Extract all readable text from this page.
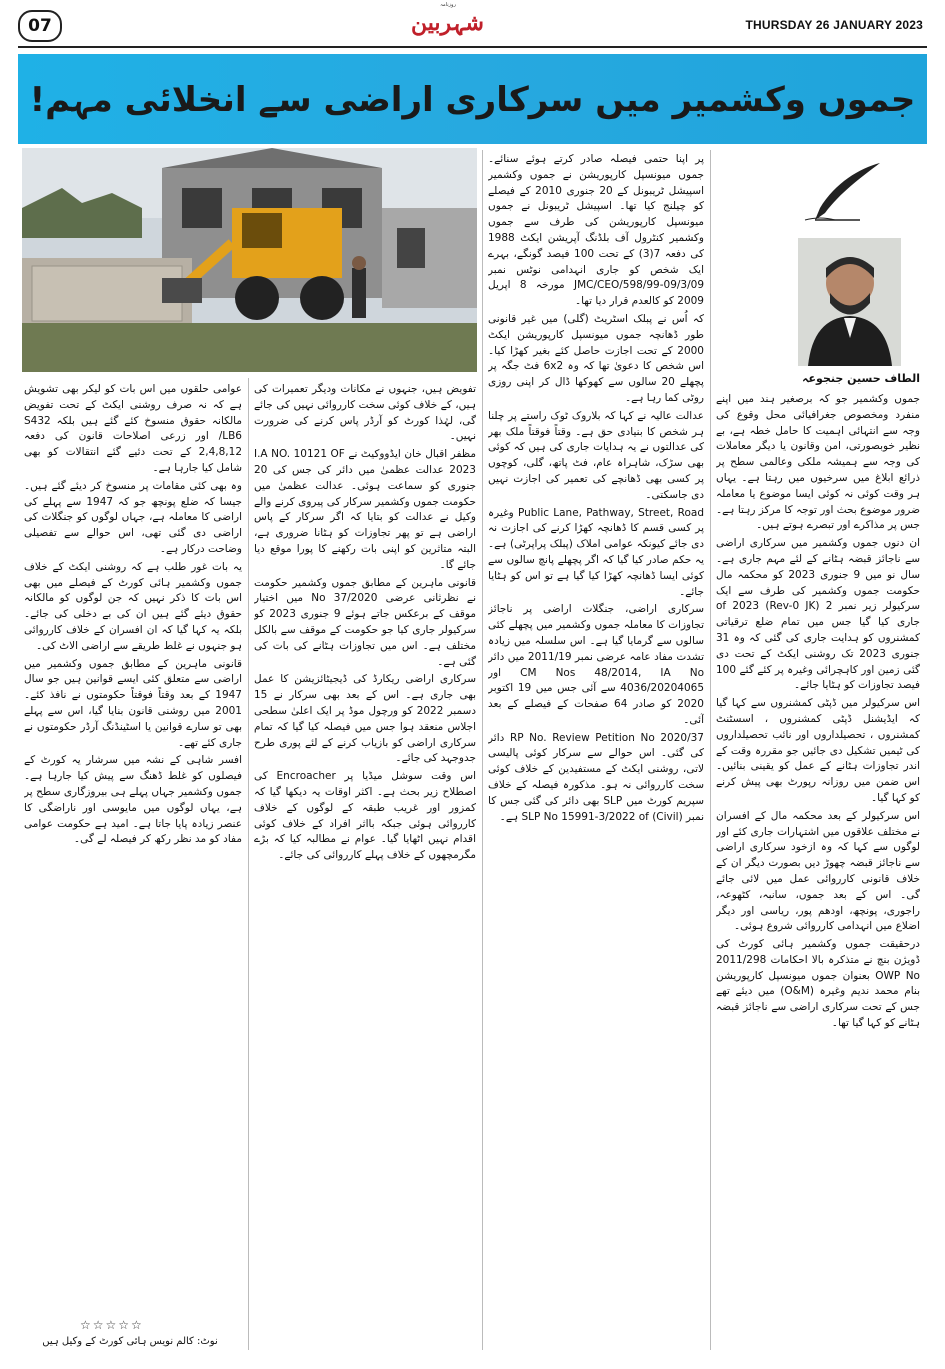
07
روزنامہ
شہربین	THURSDAY 26 JANUARY 2023
جموں وکشمیر میں سرکاری اراضی سے انخلائی مہم!
الطاف حسین جنجوعہ

جموں وکشمیر جو کہ برصغیر ہند میں اپنے منفرد ومخصوص جغرافیائی محل وقوع کی وجہ سے انتہائی اہمیت کا حامل خطہ ہے، بے نظیر خوبصورتی، امن وقانون یا دیگر معاملات کی وجہ سے ہمیشہ ملکی وعالمی سطح پر ذرائع ابلاغ میں سرخیوں میں رہتا ہے۔ یہاں ہر وقت کوئی نہ کوئی ایسا موضوع یا معاملہ ضرور موضوع بحث اور توجہ کا مرکز رہتا ہے۔ جس پر مذاکرے اور تبصرے ہوتے ہیں۔

ان دنوں جموں وکشمیر میں سرکاری اراضی سے ناجائز قبضہ ہٹانے کے لئے مہم جاری ہے۔ سال نو میں 9 جنوری 2023 کو محکمہ مال حکومت جموں وکشمیر کی طرف سے ایک سرکیولر زیر نمبر 2 (Rev-0 JK) of 2023 جاری کیا گیا جس میں تمام ضلع ترقیاتی کمشنروں کو ہدایت جاری کی گئی کہ وہ 31 جنوری 2023 تک روشنی ایکٹ کے تحت دی گئی زمین اور کاہچرائی وغیرہ پر کئے گئے 100 فیصد تجاوزات کو ہٹایا جائے۔

اس سرکیولر میں ڈپٹی کمشنروں سے کہا گیا کہ ایڈیشنل ڈپٹی کمشنروں ، اسسٹنٹ کمشنروں ، تحصیلداروں اور نائب تحصیلداروں کی ٹیمیں تشکیل دی جائیں جو مقررہ وقت کے اندر تجاوزات ہٹانے کے عمل کو یقینی بنائیں۔ اس ضمن میں روزانہ رپورٹ بھی پیش کرنے کو کہا گیا۔

اس سرکیولر کے بعد محکمہ مال کے افسران نے مختلف علاقوں میں اشتہارات جاری کئے اور لوگوں سے کہا کہ وہ ازخود سرکاری اراضی سے ناجائز قبضہ چھوڑ دیں بصورت دیگر ان کے خلاف قانونی کارروائی عمل میں لائی جائے گی۔ اس کے بعد جموں، سانبہ، کٹھوعہ، راجوری، پونچھ، اودھم پور، ریاسی اور دیگر اضلاع میں انہدامی کارروائی شروع ہوئی۔

درحقیقت جموں وکشمیر ہائی کورٹ کی ڈویژن بنچ نے متذکرہ بالا احکامات 2011/298 OWP No بعنوان جموں میونسپل کارپوریشن بنام محمد ندیم وغیرہ (O&M) میں دیئے تھے جس کے تحت سرکاری اراضی سے ناجائز قبضہ ہٹانے کو کہا گیا تھا۔

پر اپنا حتمی فیصلہ صادر کرتے ہوئے سنائے۔ جموں میونسپل کارپوریشن نے جموں وکشمیر اسپیشل ٹریبونل کے 20 جنوری 2010 کے فیصلے کو چیلنج کیا تھا۔ اسپیشل ٹریبونل نے جموں میونسپل کارپوریشن کی طرف سے جموں وکشمیر کنٹرول آف بلڈنگ آپریشن ایکٹ 1988 کی دفعہ 7(3) کے تحت 100 فیصد گونگے، بہرے ایک شخص کو جاری انہدامی نوٹس نمبر JMC/CEO/598/99-09/3/09 مورخہ 8 اپریل 2009 کو کالعدم قرار دیا تھا۔

کہ اُس نے پبلک اسٹریٹ (گلی) میں غیر قانونی طور ڈھانچہ جموں میونسپل کارپوریشن ایکٹ 2000 کے تحت اجازت حاصل کئے بغیر کھڑا کیا۔ اس شخص کا دعویٰ تھا کہ وہ 6x2 فٹ جگہ پر پچھلے 20 سالوں سے کھوکھا ڈال کر اپنی روزی روٹی کما رہا ہے۔

عدالت عالیہ نے کہا کہ بلاروک ٹوک راستے پر چلنا ہر شخص کا بنیادی حق ہے۔ وقتاً فوقتاً ملک بھر کی عدالتوں نے یہ ہدایات جاری کی ہیں کہ کوئی بھی سڑک، شاہراہ عام، فٹ پاتھ، گلی، کوچوں پر کسی بھی ڈھانچے کی تعمیر کی اجازت نہیں دی جاسکتی۔

Public Lane, Pathway, Street, Road وغیرہ پر کسی قسم کا ڈھانچہ کھڑا کرنے کی اجازت نہ دی جائے کیونکہ عوامی املاک (پبلک پراپرٹی) ہے۔ یہ حکم صادر کیا گیا کہ اگر پچھلے پانچ سالوں سے کوئی ایسا ڈھانچہ کھڑا کیا گیا ہے تو اس کو ہٹایا جائے۔

سرکاری اراضی، جنگلات اراضی پر ناجائز تجاوزات کا معاملہ جموں وکشمیر میں پچھلے کئی سالوں سے گرمایا گیا ہے۔ اس سلسلہ میں زیادہ تشدت مفاد عامہ عرضی نمبر 2011/19 میں دائر CM Nos 48/2014, IA No اور 4036/20204065 سے آئی جس میں 19 اکتوبر 2020 کو صادر 64 صفحات کے فیصلے کے بعد آئی۔

RP No. Review Petition No 2020/37 دائر کی گئی۔ اس حوالے سے سرکار کوئی پالیسی لاتی، روشنی ایکٹ کے مستفیدین کے خلاف کوئی سخت کارروائی نہ ہو۔ مذکورہ فیصلہ کے خلاف سپریم کورٹ میں SLP بھی دائر کی گئی جس کا نمبر (Civil) SLP No 15991-3/2022 of ہے۔

تفویض ہیں، جنہوں نے مکانات ودیگر تعمیرات کی ہیں، کے خلاف کوئی سخت کارروائی نہیں کی جائے گی، لہٰذا کورٹ کو آرڈر پاس کرنے کی ضرورت نہیں۔

مظفر اقبال خان ایڈووکیٹ نے I.A NO. 10121 OF 2023 عدالت عظمیٰ میں دائر کی جس کی 20 جنوری کو سماعت ہوئی۔ عدالت عظمیٰ میں حکومت جموں وکشمیر سرکار کی پیروی کرنے والے وکیل نے عدالت کو بتایا کہ اگر سرکار کے پاس اراضی ہے تو پھر تجاوزات کو ہٹانا ضروری ہے، البتہ متاثرین کو اپنی بات رکھنے کا پورا موقع دیا جائے گا۔

قانونی ماہرین کے مطابق جموں وکشمیر حکومت نے نظرثانی عرضی 37/2020 No میں اختیار موقف کے برعکس جاتے ہوئے 9 جنوری 2023 کو سرکیولر جاری کیا جو حکومت کے موقف سے بالکل مختلف ہے۔ اس میں تجاوزات ہٹانے کی بات کی گئی ہے۔

سرکاری اراضی ریکارڈ کی ڈیجیٹائزیشن کا عمل بھی جاری ہے۔ اس کے بعد بھی سرکار نے 15 دسمبر 2022 کو ورچول موڈ پر ایک اعلیٰ سطحی اجلاس منعقد ہوا جس میں فیصلہ کیا گیا کہ تمام سرکاری اراضی کو بازیاب کرنے کے لئے پوری طرح جدوجہد کی جائے۔

اس وقت سوشل میڈیا پر Encroacher کی اصطلاح زیر بحث ہے۔ اکثر اوقات یہ دیکھا گیا کہ کمزور اور غریب طبقہ کے لوگوں کے خلاف کارروائی ہوئی جبکہ بااثر افراد کے خلاف کوئی اقدام نہیں اٹھایا گیا۔ عوام نے مطالبہ کیا کہ بڑے مگرمچھوں کے خلاف پہلے کارروائی کی جائے۔

عوامی حلقوں میں اس بات کو لیکر بھی تشویش ہے کہ نہ صرف روشنی ایکٹ کے تحت تفویض مالکانہ حقوق منسوخ کئے گئے ہیں بلکہ S432 /LB6 اور زرعی اصلاحات قانون کی دفعہ 2,4,8,12 کے تحت دئیے گئے انتقالات کو بھی شامل کیا جارہا ہے۔

وہ بھی کئی مقامات پر منسوخ کر دیئے گئے ہیں۔ جیسا کہ ضلع پونچھ جو کہ 1947 سے پہلے کی اراضی کا معاملہ ہے، جہاں لوگوں کو جنگلات کی اراضی دی گئی تھی، اس حوالے سے تفصیلی وضاحت درکار ہے۔

یہ بات غور طلب ہے کہ روشنی ایکٹ کے خلاف جموں وکشمیر ہائی کورٹ کے فیصلے میں بھی اس بات کا ذکر نہیں کہ جن لوگوں کو مالکانہ حقوق دیئے گئے ہیں ان کی بے دخلی کی جائے۔ بلکہ یہ کہا گیا کہ ان افسران کے خلاف کارروائی ہو جنہوں نے غلط طریقے سے اراضی الاٹ کی۔

قانونی ماہرین کے مطابق جموں وکشمیر میں اراضی سے متعلق کئی ایسے قوانین ہیں جو سال 1947 کے بعد وقتاً فوقتاً حکومتوں نے نافذ کئے۔ 2001 میں روشنی قانون بنایا گیا، اس سے پہلے بھی تو سارے قوانین یا اسٹینڈنگ آرڈر حکومتوں نے جاری کئے تھے۔

افسر شاہی کے نشہ میں سرشار یہ کورٹ کے فیصلوں کو غلط ڈھنگ سے پیش کیا جارہا ہے۔ جموں وکشمیر جہاں پہلے ہی بیروزگاری سطح پر ہے، یہاں لوگوں میں مایوسی اور ناراضگی کا عنصر زیادہ پایا جاتا ہے۔ امید ہے حکومت عوامی مفاد کو مد نظر رکھ کر فیصلہ لے گی۔

☆☆☆☆☆
نوٹ: کالم نویس ہائی کورٹ کے وکیل ہیں
